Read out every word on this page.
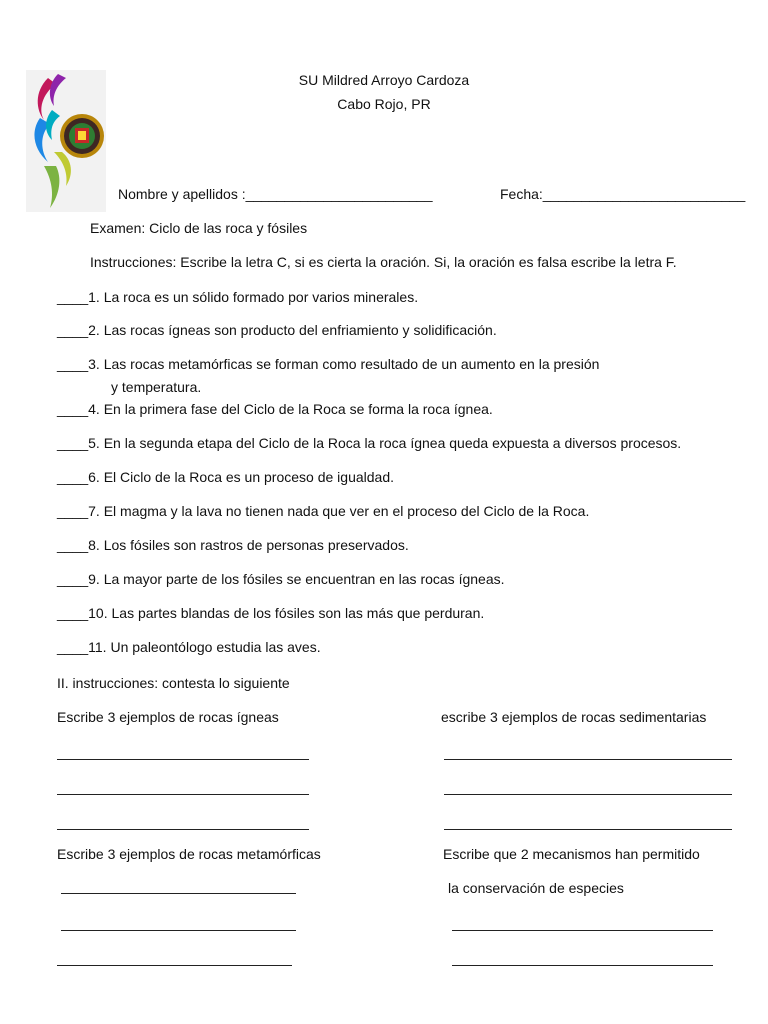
SU Mildred Arroyo Cardoza
Cabo Rojo, PR
Nombre y apellidos :________________________	Fecha:__________________________
Examen: Ciclo de las roca y fósiles
Instrucciones: Escribe la letra C, si es cierta la oración. Si, la oración es falsa escribe la letra F.
____1. La roca es un sólido formado por varios minerales.
____2. Las rocas ígneas son producto del enfriamiento y solidificación.
____3. Las rocas metamórficas se forman como resultado de un aumento en la presión
y temperatura.
____4. En la primera fase del Ciclo de la Roca se forma la roca ígnea.
____5. En la segunda etapa del Ciclo de la Roca la roca ígnea queda expuesta a diversos procesos.
____6. El Ciclo de la Roca es un proceso de igualdad.
____7. El magma y la lava no tienen nada que ver en el proceso del Ciclo de la Roca.
____8. Los fósiles son rastros de personas preservados.
____9. La mayor parte de los fósiles se encuentran en las rocas ígneas.
____10. Las partes blandas de los fósiles son las más que perduran.
____11. Un paleontólogo estudia las aves.
II. instrucciones: contesta lo siguiente
Escribe 3 ejemplos de rocas ígneas	escribe 3 ejemplos de rocas sedimentarias
Escribe 3 ejemplos de rocas metamórficas	Escribe que 2 mecanismos han permitido
la conservación de especies
